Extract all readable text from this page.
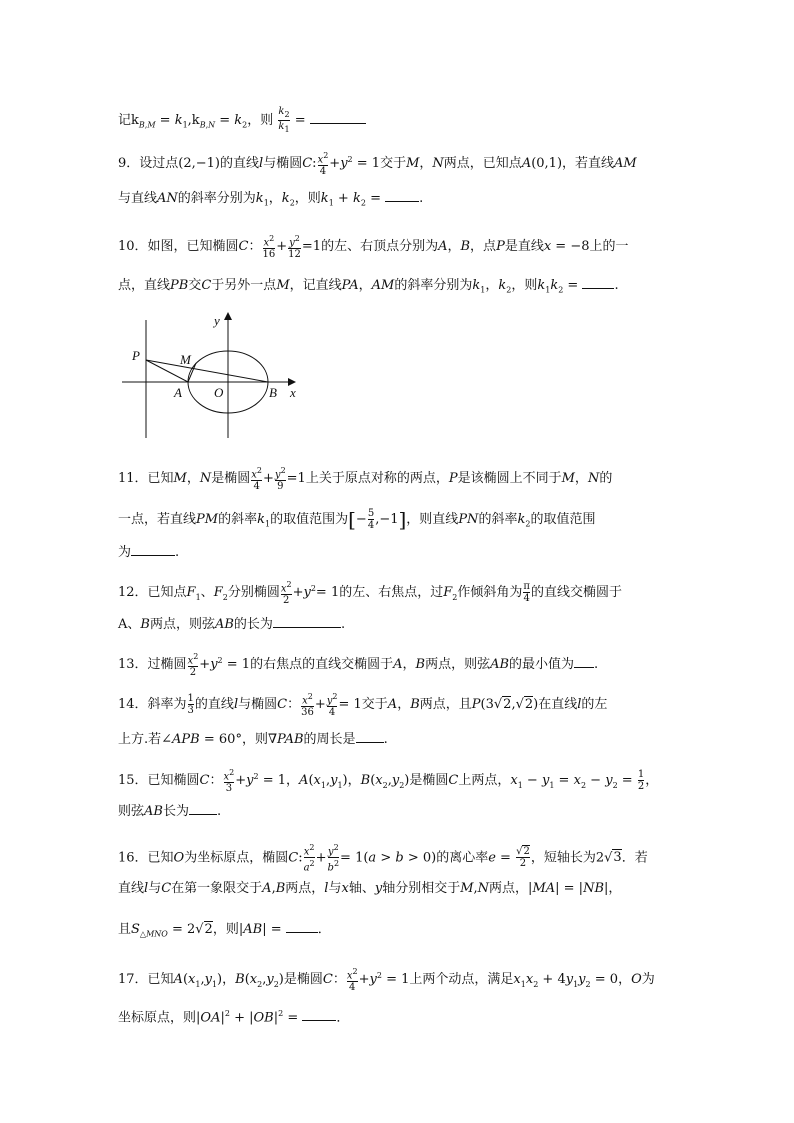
记$k_{B,M} = k_1,k_{B,N} = k_2$，则 $\frac{k_2}{k_1}$ =
9．设过点(2,−1)的直线l与椭圆C: $\frac{x^2}{4} +y^2 = 1$交于M，N两点，已知点A(0,1)，若直线AM
与直线AN的斜率分别为$k_1$，$k_2$，则$k_1 + k_2$ =	.
10．如图，已知椭圆C： $\frac{x^2}{16} + \frac{y^2}{12} =1$的左、右顶点分别为A，B，点P是直线x = −8上的一
点，直线PB交C于另外一点M，记直线PA，AM的斜率分别为$k_1$，$k_2$，则$k_1k_2$ = .
P	M
A O	B x
y
11．已知M，N是椭圆 $\frac{x^2}{4} + \frac{y^2}{9} =1$上关于原点对称的两点，P是该椭圆上不同于M，N的
一点，若直线PM的斜率$k_1$的取值范围为[− $\frac{5}{4} ,-1$]，则直线PN的斜率$k_2$的取值范围
为	.
12．已知点$F_1$、$F_2$分别椭圆 $\frac{x^2}{2} +y^2= 1$的左、右焦点，过$F_2$作倾斜角为 $\frac{\pi}{4}$ 的直线交椭圆于
A、B两点，则弦AB的长为	.
13．过椭圆 $\frac{x^2}{2} +y^2 = 1$的右焦点的直线交椭圆于A，B两点，则弦AB的最小值为 .
14．斜率为 $\frac{1}{3}$ 的直线l与椭圆C： $\frac{x^2}{36} + \frac{y^2}{4} = 1$交于A，B两点，且P(3√2,√2)在直线l的左
上方.若∠APB = 60°，则∇PAB的周长是 .
15．已知椭圆C： $\frac{x^2}{3} +y^2 = 1$，$A(x_1,y_1)$，$B(x_2,y_2)$是椭圆C上两点，$x_1 - y_1 = x_2 - y_2 = \frac{1}{2}$ ，
则弦AB长为 .
16．已知O为坐标原点，椭圆C: $\frac{x^2}{a^2} + \frac{y^2}{b^2} = 1(a > b > 0)$的离心率$e = \frac{√2}{2}$ ，短轴长为2√3．若
直线l与C在第一象限交于A,B两点，l与x轴、y轴分别相交于M,N两点，|MA| = |NB|，
且$S_{\triangle MNO} = 2√2$，则|AB| = ．
17．已知$A(x_1,y_1)$，$B(x_2,y_2)$是椭圆C： $\frac{x^2}{4} +y^2 = 1$上两个动点，满足$x_1x_2 + 4y_1y_2 = 0$，O为
坐标原点，则$|OA|^2 + |OB|^2$ =	．
